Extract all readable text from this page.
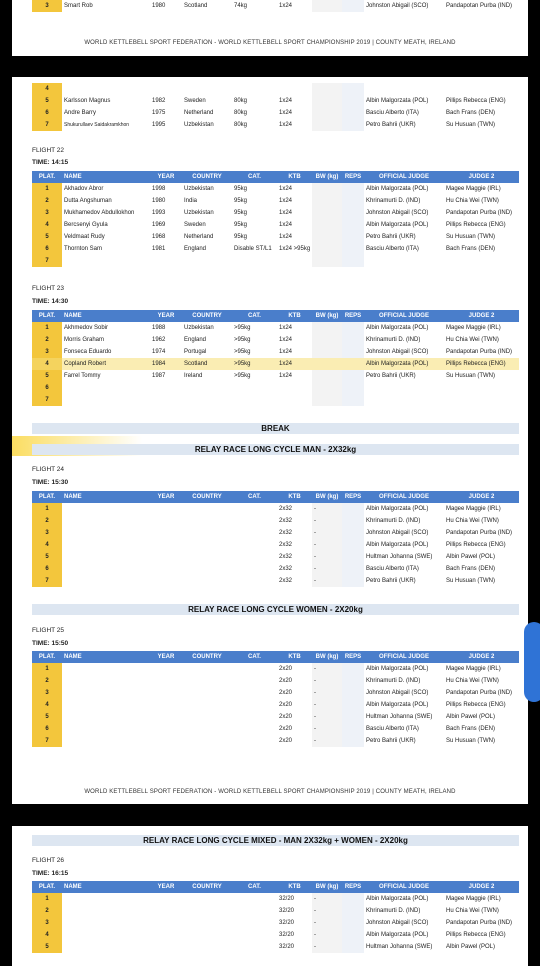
3	Smart Rob	1980	Scotland	74kg	1x24			Johnston Abigail (SCO)	Pandapotan Purba (IND)
WORLD KETTLEBELL SPORT FEDERATION - WORLD KETTLEBELL SPORT CHAMPIONSHIP 2019 | COUNTY MEATH, IRELAND
4									
5	Karlsson Magnus	1982	Sweden	80kg	1x24			Albin Malgorzata (POL)	Pillips Rebecca (ENG)
6	Andre Barry	1975	Netherland	80kg	1x24			Basciu Alberto (ITA)	Bach Frans (DEN)
7	Shukurullaev Saidakramkhon	1995	Uzbekistan	80kg	1x24			Petro Bahrii (UKR)	Su Husuan (TWN)
FLIGHT 22
TIME: 14:15
PLAT.	NAME	YEAR	COUNTRY	CAT.	KTB	BW (kg)	REPS	OFFICIAL JUDGE	JUDGE 2
1	Akhadov Abror	1998	Uzbekistan	95kg	1x24			Albin Malgorzata (POL)	Magee Maggie (IRL)
2	Dutta Angshuman	1980	India	95kg	1x24			Khrinamurti D. (IND)	Hu Chia Wei (TWN)
3	Mukhamedov Abdullokhon	1993	Uzbekistan	95kg	1x24			Johnston Abigail (SCO)	Pandapotan Purba (IND)
4	Bercsenyi Gyula	1969	Sweden	95kg	1x24			Albin Malgorzata (POL)	Pillips Rebecca (ENG)
5	Veldmaat Rudy	1968	Netherland	95kg	1x24			Petro Bahrii (UKR)	Su Husuan (TWN)
6	Thornton Sam	1981	England	Disable ST/L1	1x24 >95kg			Basciu Alberto (ITA)	Bach Frans (DEN)
7									
FLIGHT 23
TIME: 14:30
PLAT.	NAME	YEAR	COUNTRY	CAT.	KTB	BW (kg)	REPS	OFFICIAL JUDGE	JUDGE 2
1	Akhmedov Sobir	1988	Uzbekistan	>95kg	1x24			Albin Malgorzata (POL)	Magee Maggie (IRL)
2	Morris Graham	1962	England	>95kg	1x24			Khrinamurti D. (IND)	Hu Chia Wei (TWN)
3	Fonseca Eduardo	1974	Portugal	>95kg	1x24			Johnston Abigail (SCO)	Pandapotan Purba (IND)
4	Copland Robert	1984	Scotland	>95kg	1x24			Albin Malgorzata (POL)	Pillips Rebecca (ENG)
5	Farrel Tommy	1987	Ireland	>95kg	1x24			Petro Bahrii (UKR)	Su Husuan (TWN)
6									
7									
BREAK
RELAY RACE LONG CYCLE MAN - 2X32kg
FLIGHT 24
TIME: 15:30
PLAT.	NAME	YEAR	COUNTRY	CAT.	KTB	BW (kg)	REPS	OFFICIAL JUDGE	JUDGE 2
1					2x32	-		Albin Malgorzata (POL)	Magee Maggie (IRL)
2					2x32	-		Khrinamurti D. (IND)	Hu Chia Wei (TWN)
3					2x32	-		Johnston Abigail (SCO)	Pandapotan Purba (IND)
4					2x32	-		Albin Malgorzata (POL)	Pillips Rebecca (ENG)
5					2x32	-		Hultman Johanna (SWE)	Albin Pawel (POL)
6					2x32	-		Basciu Alberto (ITA)	Bach Frans (DEN)
7					2x32	-		Petro Bahrii (UKR)	Su Husuan (TWN)
RELAY RACE LONG CYCLE WOMEN - 2X20kg
FLIGHT 25
TIME: 15:50
PLAT.	NAME	YEAR	COUNTRY	CAT.	KTB	BW (kg)	REPS	OFFICIAL JUDGE	JUDGE 2
1					2x20	-		Albin Malgorzata (POL)	Magee Maggie (IRL)
2					2x20	-		Khrinamurti D. (IND)	Hu Chia Wei (TWN)
3					2x20	-		Johnston Abigail (SCO)	Pandapotan Purba (IND)
4					2x20	-		Albin Malgorzata (POL)	Pillips Rebecca (ENG)
5					2x20	-		Hultman Johanna (SWE)	Albin Pawel (POL)
6					2x20	-		Basciu Alberto (ITA)	Bach Frans (DEN)
7					2x20	-		Petro Bahrii (UKR)	Su Husuan (TWN)
WORLD KETTLEBELL SPORT FEDERATION - WORLD KETTLEBELL SPORT CHAMPIONSHIP 2019 | COUNTY MEATH, IRELAND
RELAY RACE LONG CYCLE MIXED - MAN 2X32kg + WOMEN - 2X20kg
FLIGHT 26
TIME: 16:15
PLAT.	NAME	YEAR	COUNTRY	CAT.	KTB	BW (kg)	REPS	OFFICIAL JUDGE	JUDGE 2
1					32/20	-		Albin Malgorzata (POL)	Magee Maggie (IRL)
2					32/20	-		Khrinamurti D. (IND)	Hu Chia Wei (TWN)
3					32/20	-		Johnston Abigail (SCO)	Pandapotan Purba (IND)
4					32/20	-		Albin Malgorzata (POL)	Pillips Rebecca (ENG)
5					32/20	-		Hultman Johanna (SWE)	Albin Pawel (POL)
